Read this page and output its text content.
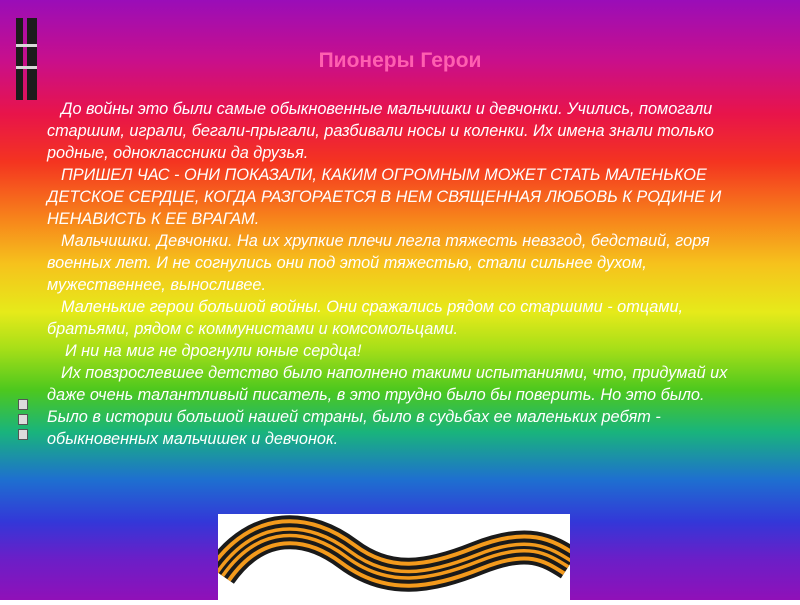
Пионеры Герои

До войны это были самые обыкновенные мальчишки и девчонки. Учились, помогали старшим, играли, бегали-прыгали, разбивали носы и коленки. Их имена знали только родные, одноклассники да друзья.

ПРИШЕЛ ЧАС - ОНИ ПОКАЗАЛИ, КАКИМ ОГРОМНЫМ МОЖЕТ СТАТЬ МАЛЕНЬКОЕ ДЕТСКОЕ СЕРДЦЕ, КОГДА РАЗГОРАЕТСЯ В НЕМ СВЯЩЕННАЯ ЛЮБОВЬ К РОДИНЕ И НЕНАВИСТЬ К ЕЕ ВРАГАМ.

Мальчишки. Девчонки. На их хрупкие плечи легла тяжесть невзгод, бедствий, горя военных лет. И не согнулись они под этой тяжестью, стали сильнее духом, мужественнее, выносливее.

Маленькие герои большой войны. Они сражались рядом со старшими - отцами, братьями, рядом с коммунистами и комсомольцами.

И ни на миг не дрогнули юные сердца!

Их повзрослевшее детство было наполнено такими испытаниями, что, придумай их даже очень талантливый писатель, в это трудно было бы поверить. Но это было. Было в истории большой нашей страны, было в судьбах ее маленьких ребят - обыкновенных мальчишек и девчонок.
